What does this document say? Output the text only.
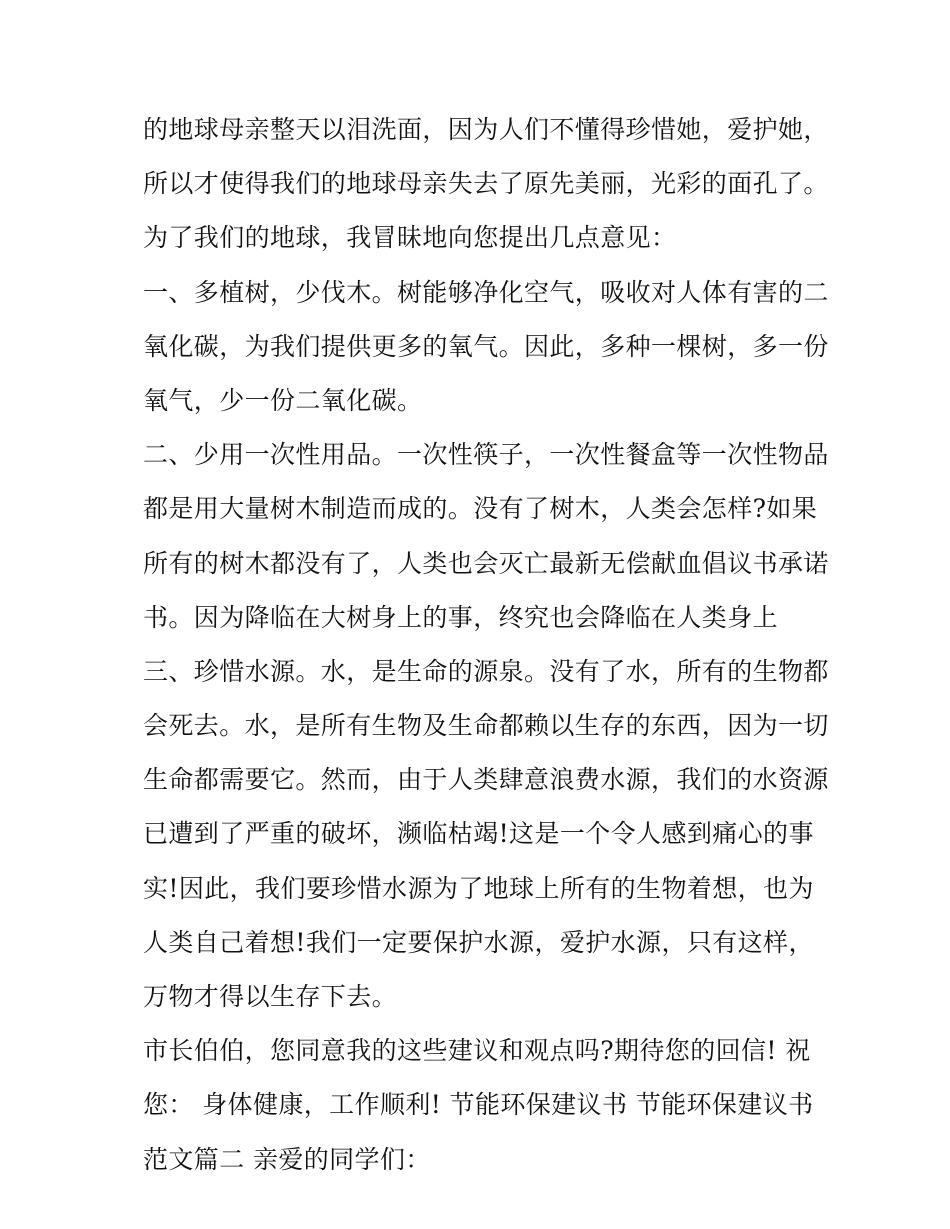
的地球母亲整天以泪洗面，因为人们不懂得珍惜她，爱护她，
所以才使得我们的地球母亲失去了原先美丽，光彩的面孔了。
为了我们的地球，我冒昧地向您提出几点意见：
一、多植树，少伐木。树能够净化空气，吸收对人体有害的二
氧化碳，为我们提供更多的氧气。因此，多种一棵树，多一份
氧气，少一份二氧化碳。
二、少用一次性用品。一次性筷子，一次性餐盒等一次性物品
都是用大量树木制造而成的。没有了树木，人类会怎样?如果
所有的树木都没有了，人类也会灭亡最新无偿献血倡议书承诺
书。因为降临在大树身上的事，终究也会降临在人类身上
三、珍惜水源。水，是生命的源泉。没有了水，所有的生物都
会死去。水，是所有生物及生命都赖以生存的东西，因为一切
生命都需要它。然而，由于人类肆意浪费水源，我们的水资源
已遭到了严重的破坏，濒临枯竭!这是一个令人感到痛心的事
实!因此，我们要珍惜水源为了地球上所有的生物着想，也为
人类自己着想!我们一定要保护水源，爱护水源，只有这样，
万物才得以生存下去。
市长伯伯，您同意我的这些建议和观点吗?期待您的回信! 祝
您： 身体健康，工作顺利! 节能环保建议书 节能环保建议书
范文篇二 亲爱的同学们：
